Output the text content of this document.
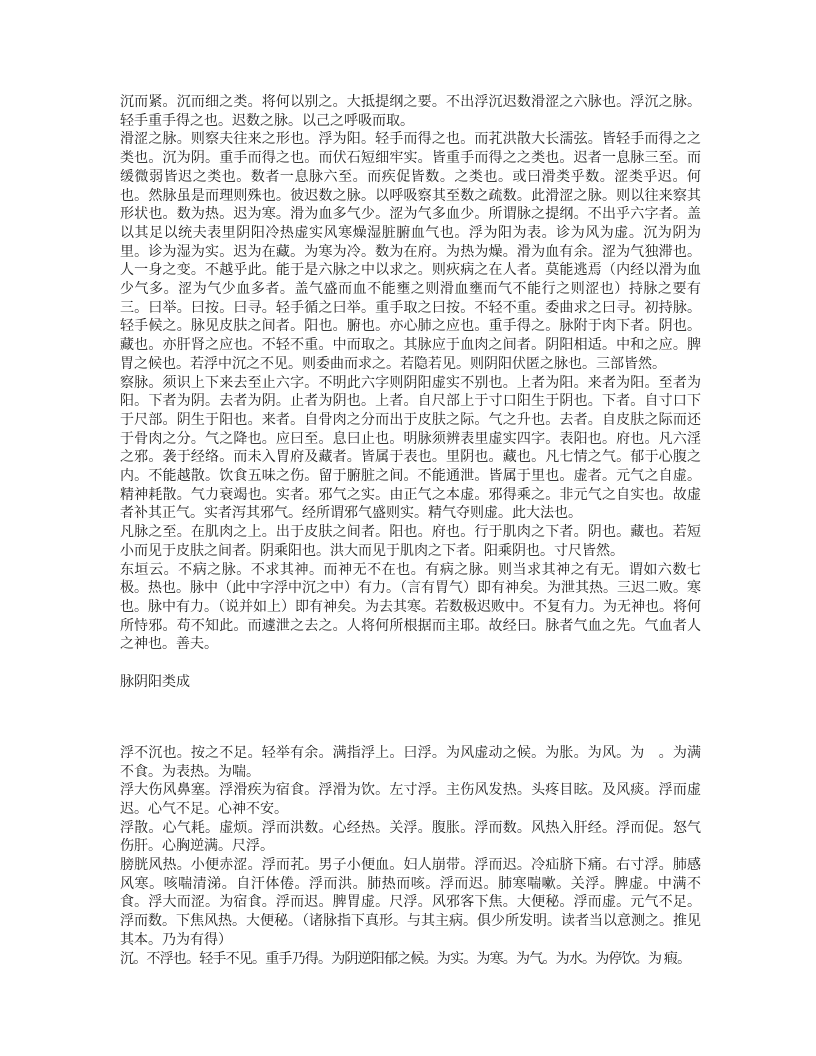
沉而紧。沉而细之类。将何以别之。大抵提纲之要。不出浮沉迟数滑涩之六脉也。浮沉之脉。轻手重手得之也。迟数之脉。以己之呼吸而取。

滑涩之脉。则察夫往来之形也。浮为阳。轻手而得之也。而芤洪散大长濡弦。皆轻手而得之之类也。沉为阴。重手而得之也。而伏石短细牢实。皆重手而得之之类也。迟者一息脉三至。而缓微弱皆迟之类也。数者一息脉六至。而疾促皆数。之类也。或曰滑类乎数。涩类乎迟。何也。然脉虽是而理则殊也。彼迟数之脉。以呼吸察其至数之疏数。此滑涩之脉。则以往来察其形状也。数为热。迟为寒。滑为血多气少。涩为气多血少。所谓脉之提纲。不出乎六字者。盖以其足以统夫表里阴阳冷热虚实风寒燥湿脏腑血气也。浮为阳为表。诊为风为虚。沉为阴为里。诊为湿为实。迟为在藏。为寒为冷。数为在府。为热为燥。滑为血有余。涩为气独滞也。人一身之变。不越乎此。能于是六脉之中以求之。则疢病之在人者。莫能逃焉（内经以滑为血少气多。涩为气少血多者。盖气盛而血不能壅之则滑血壅而气不能行之则涩也）持脉之要有三。曰举。曰按。曰寻。轻手循之曰举。重手取之曰按。不轻不重。委曲求之曰寻。初持脉。轻手候之。脉见皮肤之间者。阳也。腑也。亦心肺之应也。重手得之。脉附于肉下者。阴也。藏也。亦肝肾之应也。不轻不重。中而取之。其脉应于血肉之间者。阴阳相适。中和之应。脾胃之候也。若浮中沉之不见。则委曲而求之。若隐若见。则阴阳伏匿之脉也。三部皆然。

察脉。须识上下来去至止六字。不明此六字则阴阳虚实不别也。上者为阳。来者为阳。至者为阳。下者为阴。去者为阴。止者为阴也。上者。自尺部上于寸口阳生于阴也。下者。自寸口下于尺部。阴生于阳也。来者。自骨肉之分而出于皮肤之际。气之升也。去者。自皮肤之际而还于骨肉之分。气之降也。应曰至。息曰止也。明脉须辨表里虚实四字。表阳也。府也。凡六淫之邪。袭于经络。而未入胃府及藏者。皆属于表也。里阴也。藏也。凡七情之气。郁于心腹之内。不能越散。饮食五味之伤。留于腑脏之间。不能通泄。皆属于里也。虚者。元气之自虚。精神耗散。气力衰竭也。实者。邪气之实。由正气之本虚。邪得乘之。非元气之自实也。故虚者补其正气。实者泻其邪气。经所谓邪气盛则实。精气夺则虚。此大法也。

凡脉之至。在肌肉之上。出于皮肤之间者。阳也。府也。行于肌肉之下者。阴也。藏也。若短小而见于皮肤之间者。阴乘阳也。洪大而见于肌肉之下者。阳乘阴也。寸尺皆然。

东垣云。不病之脉。不求其神。而神无不在也。有病之脉。则当求其神之有无。谓如六数七极。热也。脉中（此中字浮中沉之中）有力。（言有胃气）即有神矣。为泄其热。三迟二败。寒也。脉中有力。（说并如上）即有神矣。为去其寒。若数极迟败中。不复有力。为无神也。将何所恃邪。苟不知此。而遽泄之去之。人将何所根据而主耶。故经曰。脉者气血之先。气血者人之神也。善夫。

脉阴阳类成

浮不沉也。按之不足。轻举有余。满指浮上。曰浮。为风虚动之候。为胀。为风。为　。为满不食。为表热。为喘。

浮大伤风鼻塞。浮滑疾为宿食。浮滑为饮。左寸浮。主伤风发热。头疼目眩。及风痰。浮而虚迟。心气不足。心神不安。

浮散。心气耗。虚烦。浮而洪数。心经热。关浮。腹胀。浮而数。风热入肝经。浮而促。怒气伤肝。心胸逆满。尺浮。

膀胱风热。小便赤涩。浮而芤。男子小便血。妇人崩带。浮而迟。冷疝脐下痛。右寸浮。肺感风寒。咳喘清涕。自汗体倦。浮而洪。肺热而咳。浮而迟。肺寒喘嗽。关浮。脾虚。中满不食。浮大而涩。为宿食。浮而迟。脾胃虚。尺浮。风邪客下焦。大便秘。浮而虚。元气不足。浮而数。下焦风热。大便秘。（诸脉指下真形。与其主病。俱少所发明。读者当以意测之。推见其本。乃为有得）

沉。不浮也。轻手不见。重手乃得。为阴逆阳郁之候。为实。为寒。为气。为水。为停饮。为 瘕。
